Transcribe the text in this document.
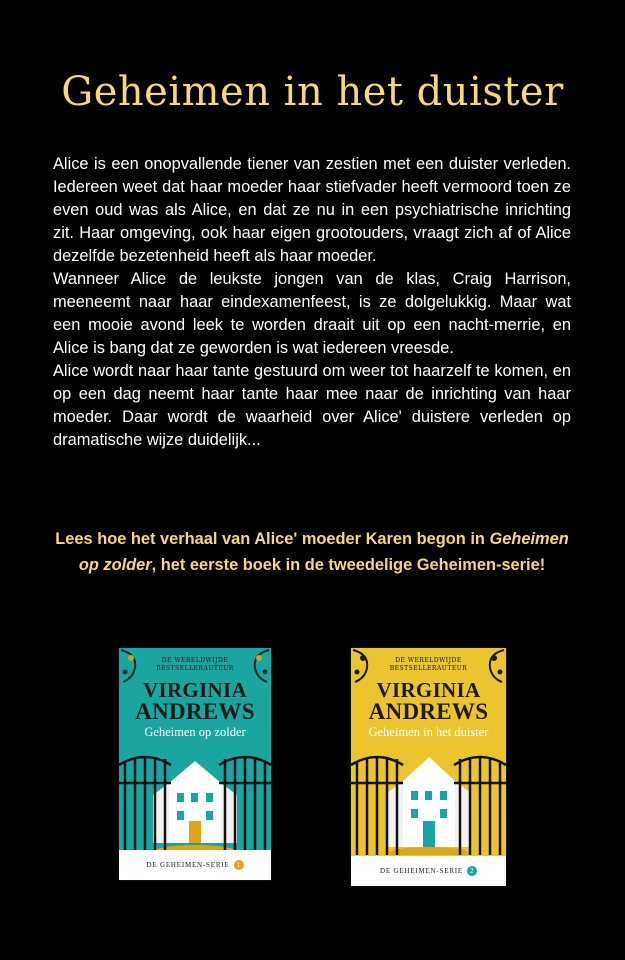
Geheimen in het duister

Alice is een onopvallende tiener van zestien met een duister verleden. Iedereen weet dat haar moeder haar stiefvader heeft vermoord toen ze even oud was als Alice, en dat ze nu in een psychiatrische inrichting zit. Haar omgeving, ook haar eigen grootouders, vraagt zich af of Alice dezelfde bezetenheid heeft als haar moeder.

Wanneer Alice de leukste jongen van de klas, Craig Harrison, meeneemt naar haar eindexamenfeest, is ze dolgelukkig. Maar wat een mooie avond leek te worden draait uit op een nacht-merrie, en Alice is bang dat ze geworden is wat iedereen vreesde.

Alice wordt naar haar tante gestuurd om weer tot haarzelf te komen, en op een dag neemt haar tante haar mee naar de inrichting van haar moeder. Daar wordt de waarheid over Alice' duistere verleden op dramatische wijze duidelijk...

Lees hoe het verhaal van Alice' moeder Karen begon in Geheimen op zolder, het eerste boek in de tweedelige Geheimen-serie!
DE WERELDWIJDE
BESTSELLERAUTEUR
VIRGINIA
ANDREWS
Geheimen op zolder
DE GEHEIMEN-SERIE 1
DE WERELDWIJDE
BESTSELLERAUTEUR
VIRGINIA
ANDREWS
Geheimen in het duister
DE GEHEIMEN-SERIE 2
